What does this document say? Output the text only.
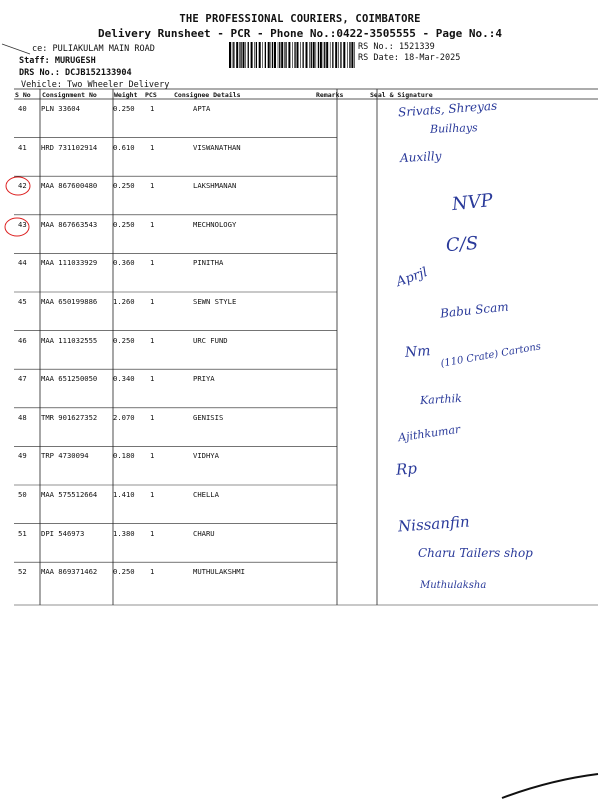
THE PROFESSIONAL COURIERS, COIMBATORE
Delivery Runsheet - PCR - Phone No.:0422-3505555 - Page No.:4
ce: PULIAKULAM MAIN ROAD
Staff: MURUGESH
DRS No.: DCJB152133904
Vehicle: Two Wheeler Delivery
RS No.: 1521339
RS Date: 18-Mar-2025
S No Consignment No	Weight PCS	Consignee Details	Remarks	Seal & Signature
40 PLN 33604	0.250 1	APTA	Srivats, Shreyas
Builhays
41 HRD 731102914 0.610 1	VISWANATHAN
Auxilly
42 MAA 867600480 0.250 1	LAKSHMANAN
NVP
43 MAA 867663543 0.250 1	MECHNOLOGY
C/S
44 MAA 111033929 0.360 1	PINITHA
Aprjl
45 MAA 650199886 1.260 1	SEWN STYLE	Babu Scam
46 MAA 111032555 0.250 1	URC FUND
Nm (110 Crate) Cartons
47 MAA 651250050 0.340 1	PRIYA
Karthik
48 TMR 901627352 2.070 1	GENISIS
Ajithkumar
49 TRP 4730094	0.180 1	VIDHYA
Rp
50 MAA 575512664 1.410 1	CHELLA
Nissanfin
51 DPI 546973	1.380 1	CHARU
Charu Tailers shop
52 MAA 869371462 0.250 1	MUTHULAKSHMI
Muthulaksha
